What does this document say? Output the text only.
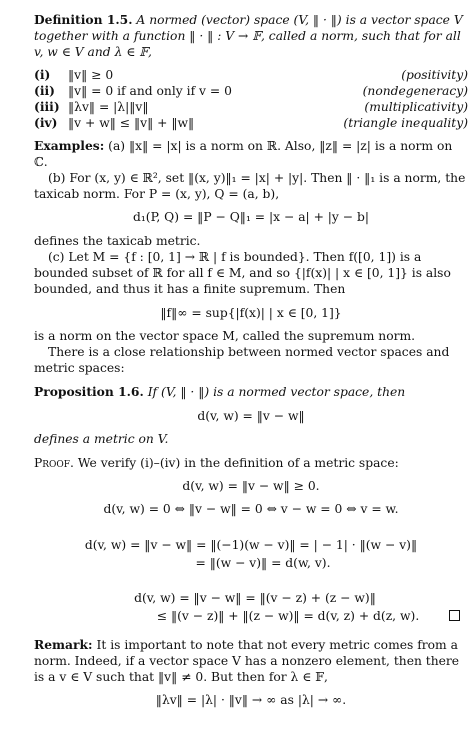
Definition 1.5. A normed (vector) space (V, ‖ · ‖) is a vector space V together with a function ‖ · ‖ : V → 𝔽, called a norm, such that for all v, w ∈ V and λ ∈ 𝔽,

(i) ‖v‖ ≥ 0	(positivity)
(ii) ‖v‖ = 0 if and only if v = 0	(nondegeneracy)
(iii) ‖λv‖ = |λ|‖v‖	(multiplicativity)
(iv) ‖v + w‖ ≤ ‖v‖ + ‖w‖	(triangle inequality)

Examples: (a) ‖x‖ = |x| is a norm on ℝ. Also, ‖z‖ = |z| is a norm on ℂ.

(b) For (x, y) ∈ ℝ², set ‖(x, y)‖₁ = |x| + |y|. Then ‖ · ‖₁ is a norm, the taxicab norm. For P = (x, y), Q = (a, b),

d₁(P, Q) = ‖P − Q‖₁ = |x − a| + |y − b|

defines the taxicab metric.

(c) Let M = {f : [0, 1] → ℝ | f is bounded}. Then f([0, 1]) is a bounded subset of ℝ for all f ∈ M, and so {|f(x)| | x ∈ [0, 1]} is also bounded, and thus it has a finite supremum. Then

‖f‖∞ = sup{|f(x)| | x ∈ [0, 1]}

is a norm on the vector space M, called the supremum norm.

There is a close relationship between normed vector spaces and metric spaces:

Proposition 1.6. If (V, ‖ · ‖) is a normed vector space, then

d(v, w) = ‖v − w‖

defines a metric on V.

Proof. We verify (i)–(iv) in the definition of a metric space:

d(v, w) = ‖v − w‖ ≥ 0.
d(v, w) = 0 ⇔ ‖v − w‖ = 0 ⇔ v − w = 0 ⇔ v = w.
d(v, w) = ‖v − w‖ = ‖(−1)(w − v)‖ = | − 1| · ‖(w − v)‖
= ‖(w − v)‖ = d(w, v).
d(v, w) = ‖v − w‖ = ‖(v − z) + (z − w)‖
≤ ‖(v − z)‖ + ‖(z − w)‖ = d(v, z) + d(z, w).

Remark: It is important to note that not every metric comes from a norm. Indeed, if a vector space V has a nonzero element, then there is a v ∈ V such that ‖v‖ ≠ 0. But then for λ ∈ 𝔽,

‖λv‖ = |λ| · ‖v‖ → ∞ as |λ| → ∞.
